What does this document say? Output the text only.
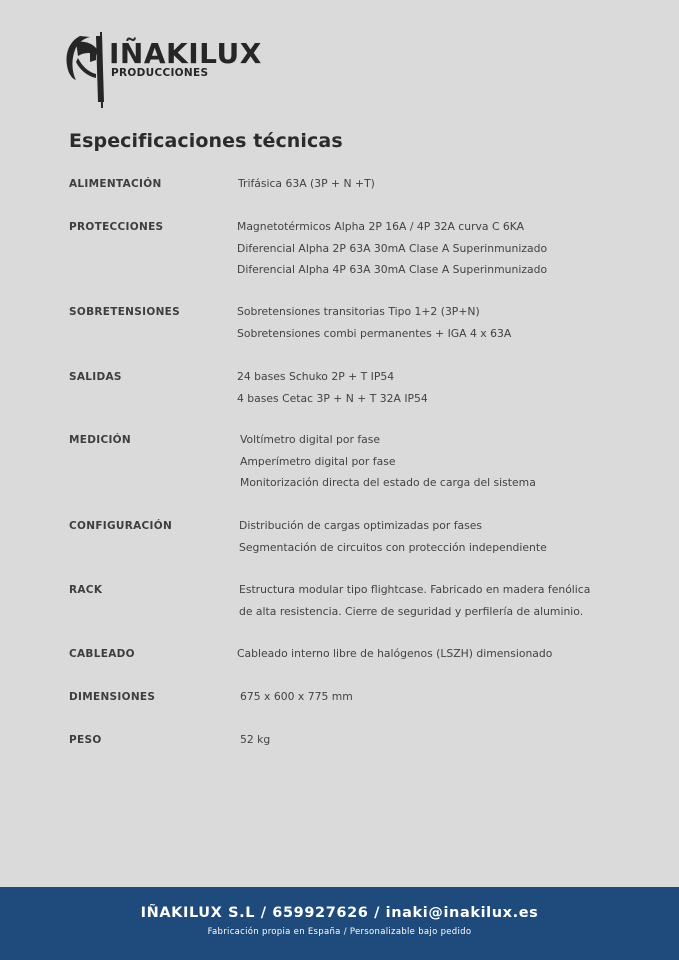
IÑAKILUX
PRODUCCIONES
Especificaciones técnicas
ALIMENTACIÓN	Trifásica 63A (3P + N +T)
PROTECCIONES	Magnetotérmicos Alpha 2P 16A / 4P 32A curva C 6KA
Diferencial Alpha 2P 63A 30mA Clase A Superinmunizado
Diferencial Alpha 4P 63A 30mA Clase A Superinmunizado
SOBRETENSIONES	Sobretensiones transitorias Tipo 1+2 (3P+N)
Sobretensiones combi permanentes + IGA 4 x 63A
SALIDAS	24 bases Schuko 2P + T IP54
4 bases Cetac 3P + N + T 32A IP54
MEDICIÓN	Voltímetro digital por fase
Amperímetro digital por fase
Monitorización directa del estado de carga del sistema
CONFIGURACIÓN	Distribución de cargas optimizadas por fases
Segmentación de circuitos con protección independiente
RACK	Estructura modular tipo flightcase. Fabricado en madera fenólica
de alta resistencia. Cierre de seguridad y perfilería de aluminio.
CABLEADO	Cableado interno libre de halógenos (LSZH) dimensionado
DIMENSIONES	675 x 600 x 775 mm
PESO	52 kg
IÑAKILUX S.L / 659927626 / inaki@inakilux.es
Fabricación propia en España / Personalizable bajo pedido
